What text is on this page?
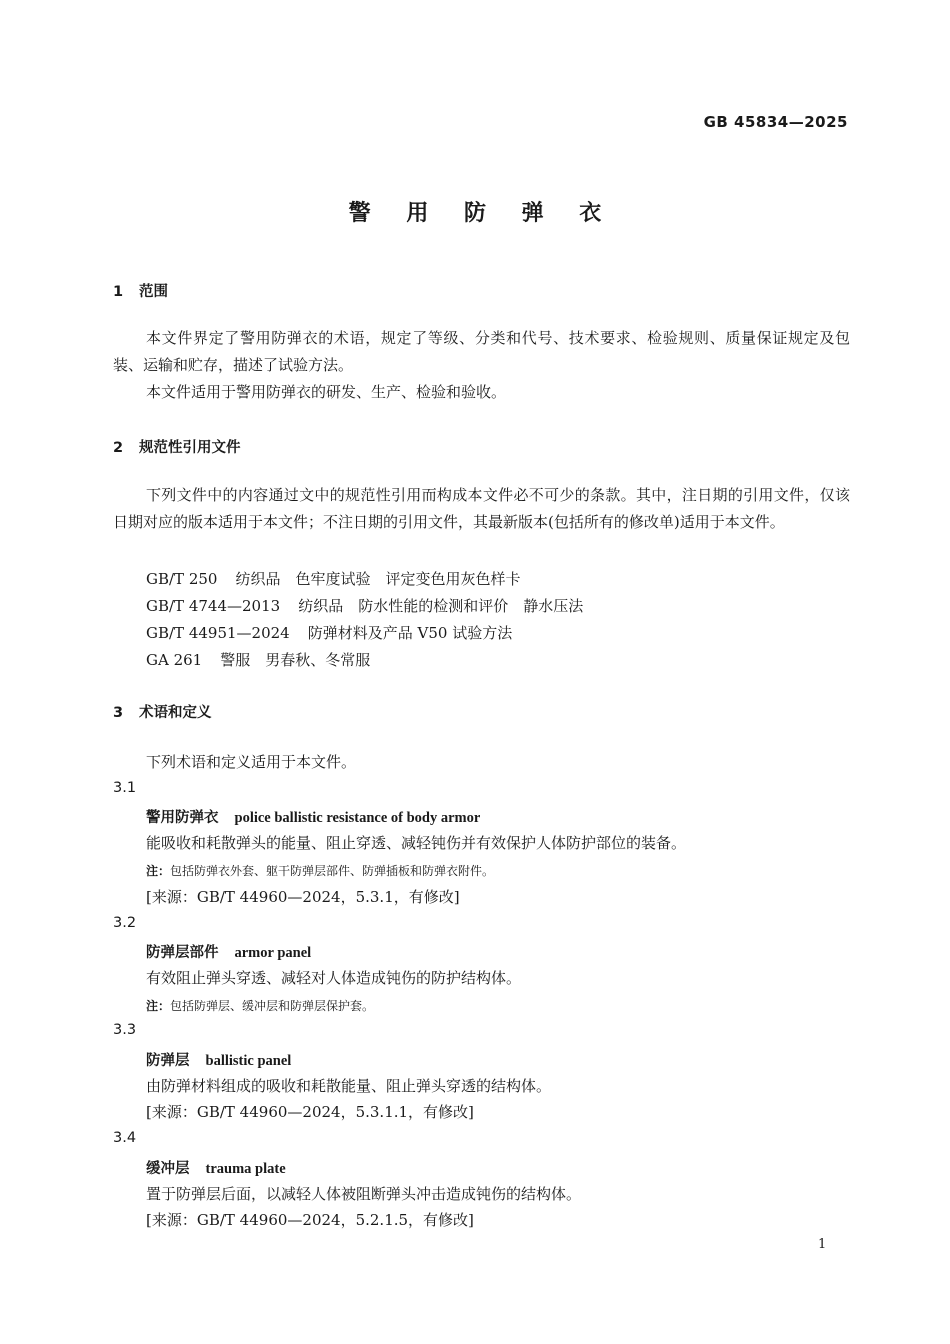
GB 45834—2025
警 用 防 弹 衣
1 范围
本文件界定了警用防弹衣的术语，规定了等级、分类和代号、技术要求、检验规则、质量保证规定及包装、运输和贮存，描述了试验方法。
本文件适用于警用防弹衣的研发、生产、检验和验收。
2 规范性引用文件
下列文件中的内容通过文中的规范性引用而构成本文件必不可少的条款。其中，注日期的引用文件，仅该日期对应的版本适用于本文件；不注日期的引用文件，其最新版本(包括所有的修改单)适用于本文件。
GB/T 250 纺织品　色牢度试验　评定变色用灰色样卡
GB/T 4744—2013 纺织品　防水性能的检测和评价　静水压法
GB/T 44951—2024 防弹材料及产品 V50 试验方法
GA 261 警服　男春秋、冬常服
3 术语和定义
下列术语和定义适用于本文件。
3.1
警用防弹衣 police ballistic resistance of body armor
能吸收和耗散弹头的能量、阻止穿透、减轻钝伤并有效保护人体防护部位的装备。
注：包括防弹衣外套、躯干防弹层部件、防弹插板和防弹衣附件。
[来源：GB/T 44960—2024，5.3.1，有修改]
3.2
防弹层部件 armor panel
有效阻止弹头穿透、减轻对人体造成钝伤的防护结构体。
注：包括防弹层、缓冲层和防弹层保护套。
3.3
防弹层 ballistic panel
由防弹材料组成的吸收和耗散能量、阻止弹头穿透的结构体。
[来源：GB/T 44960—2024，5.3.1.1，有修改]
3.4
缓冲层 trauma plate
置于防弹层后面，以减轻人体被阻断弹头冲击造成钝伤的结构体。
[来源：GB/T 44960—2024，5.2.1.5，有修改]
1
